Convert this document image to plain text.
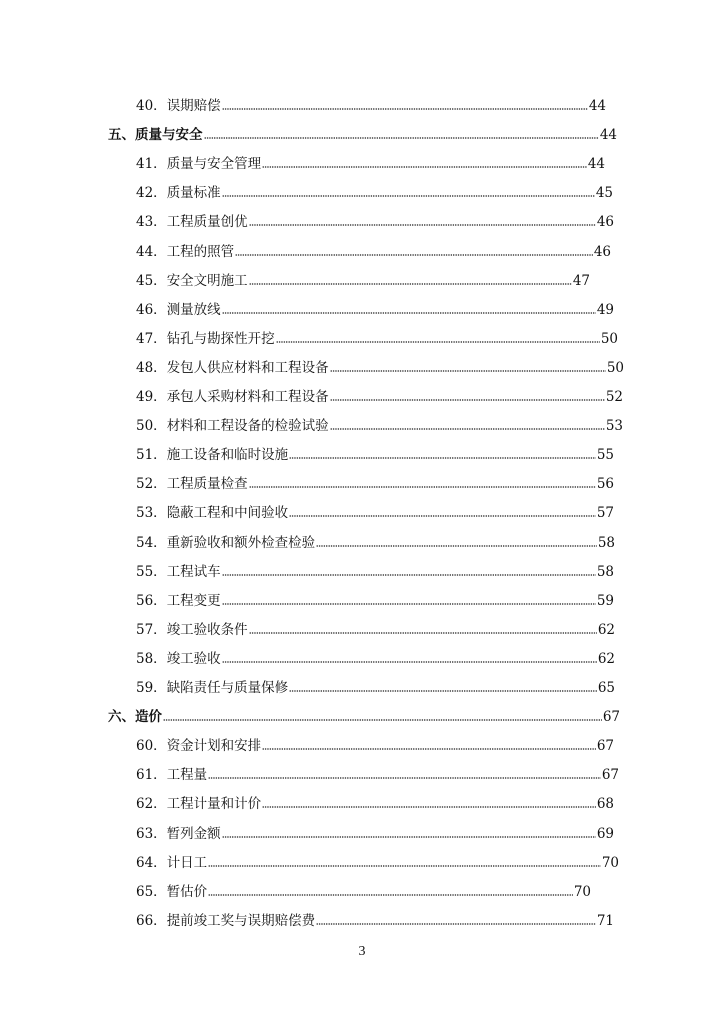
40． 误期赔偿	44
五、 质量与安全	44
41． 质量与安全管理	44
42． 质量标准	45
43． 工程质量创优	46
44． 工程的照管	46
45． 安全文明施工	47
46． 测量放线	49
47． 钻孔与勘探性开挖	50
48． 发包人供应材料和工程设备	50
49． 承包人采购材料和工程设备	52
50． 材料和工程设备的检验试验	53
51． 施工设备和临时设施	55
52． 工程质量检查	56
53． 隐蔽工程和中间验收	57
54． 重新验收和额外检查检验	58
55． 工程试车	58
56． 工程变更	59
57． 竣工验收条件	62
58． 竣工验收	62
59． 缺陷责任与质量保修	65
六、 造价	67
60． 资金计划和安排	67
61． 工程量	67
62． 工程计量和计价	68
63． 暂列金额	69
64． 计日工	70
65． 暂估价	70
66． 提前竣工奖与误期赔偿费	71
3
